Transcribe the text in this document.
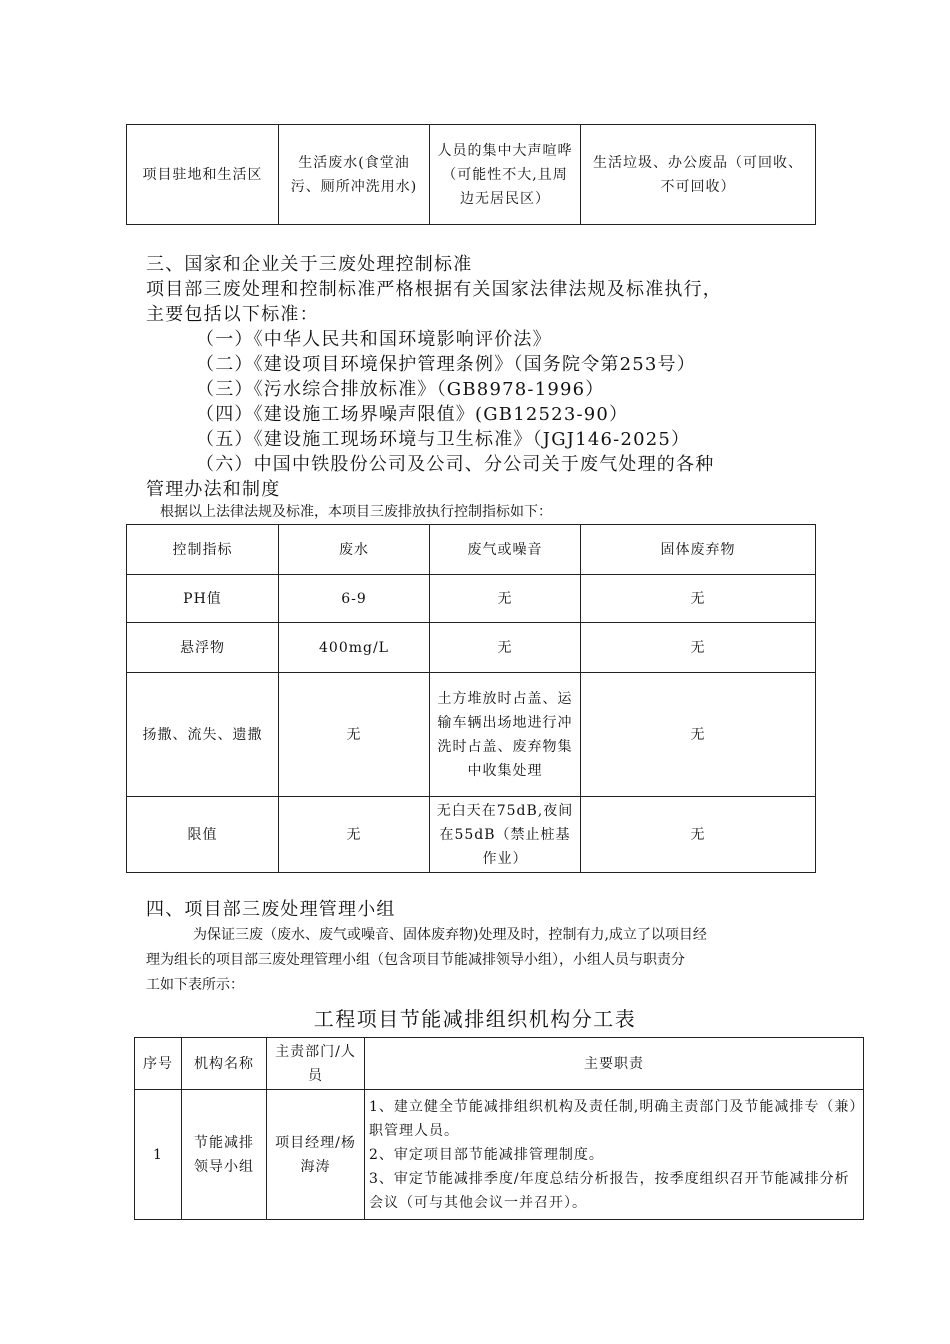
项目驻地和生活区	生活废水(食堂油污、厕所冲洗用水)	人员的集中大声喧哗（可能性不大,且周边无居民区）	生活垃圾、办公废品（可回收、不可回收）
三、国家和企业关于三废处理控制标准
项目部三废处理和控制标准严格根据有关国家法律法规及标准执行，
主要包括以下标准：
（一）《中华人民共和国环境影响评价法》
（二）《建设项目环境保护管理条例》（国务院令第253号）
（三）《污水综合排放标准》（GB8978-1996）
（四）《建设施工场界噪声限值》(GB12523-90）
（五）《建设施工现场环境与卫生标准》（JGJ146-2025）
（六）中国中铁股份公司及公司、分公司关于废气处理的各种
管理办法和制度
根据以上法律法规及标准，本项目三废排放执行控制指标如下：
控制指标	废水	废气或噪音	固体废弃物
PH值	6-9	无	无
悬浮物	400mg/L	无	无
扬撒、流失、遗撒	无	土方堆放时占盖、运输车辆出场地进行冲洗时占盖、废弃物集中收集处理	无
限值	无	无白天在75dB,夜间在55dB（禁止桩基作业）	无
四、项目部三废处理管理小组
为保证三废（废水、废气或噪音、固体废弃物)处理及时，控制有力,成立了以项目经
理为组长的项目部三废处理管理小组（包含项目节能减排领导小组），小组人员与职责分
工如下表所示：
工程项目节能减排组织机构分工表
序号	机构名称	主责部门/人员	主要职责
1	节能减排领导小组	项目经理/杨海涛	1、建立健全节能减排组织机构及责任制,明确主责部门及节能减排专（兼）职管理人员。
2、审定项目部节能减排管理制度。
3、审定节能减排季度/年度总结分析报告，按季度组织召开节能减排分析会议（可与其他会议一并召开）。
